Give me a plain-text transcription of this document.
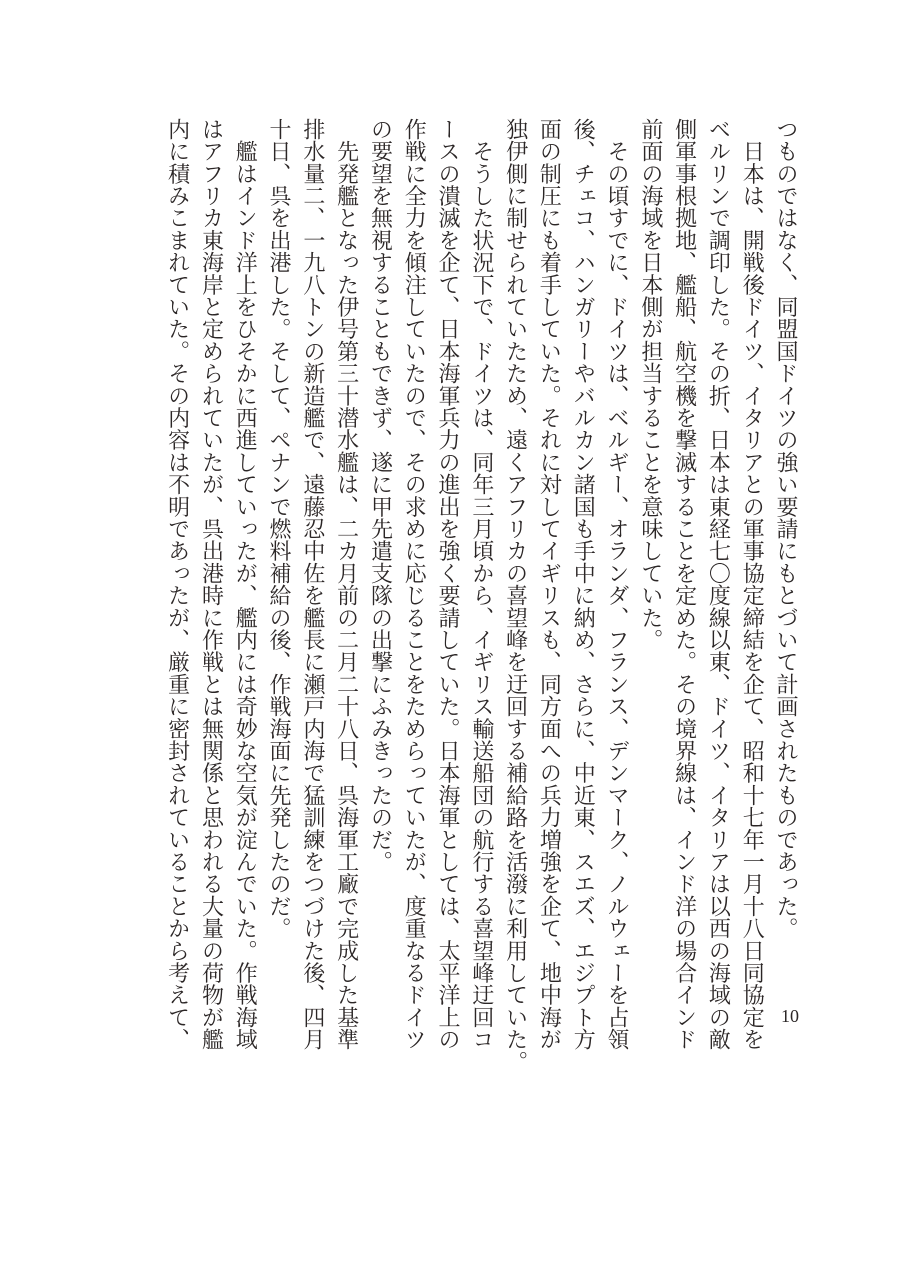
つものではなく、同盟国ドイツの強い要請にもとづいて計画されたものであった。
　日本は、開戦後ドイツ、イタリアとの軍事協定締結を企て、昭和十七年一月十八日同協定を
ベルリンで調印した。その折、日本は東経七〇度線以東、ドイツ、イタリアは以西の海域の敵
側軍事根拠地、艦船、航空機を撃滅することを定めた。その境界線は、インド洋の場合インド
前面の海域を日本側が担当することを意味していた。
　その頃すでに、ドイツは、ベルギー、オランダ、フランス、デンマーク、ノルウェーを占領
後、チェコ、ハンガリーやバルカン諸国も手中に納め、さらに、中近東、スエズ、エジプト方
面の制圧にも着手していた。それに対してイギリスも、同方面への兵力増強を企て、地中海が
独伊側に制せられていたため、遠くアフリカの喜望峰を迂回する補給路を活潑に利用していた。
　そうした状況下で、ドイツは、同年三月頃から、イギリス輸送船団の航行する喜望峰迂回コ
ースの潰滅を企て、日本海軍兵力の進出を強く要請していた。日本海軍としては、太平洋上の
作戦に全力を傾注していたので、その求めに応じることをためらっていたが、度重なるドイツ
の要望を無視することもできず、遂に甲先遣支隊の出撃にふみきったのだ。
　先発艦となった伊号第三十潜水艦は、二カ月前の二月二十八日、呉海軍工廠で完成した基準
排水量二、一九八トンの新造艦で、遠藤忍中佐を艦長に瀬戸内海で猛訓練をつづけた後、四月
十日、呉を出港した。そして、ペナンで燃料補給の後、作戦海面に先発したのだ。
　艦はインド洋上をひそかに西進していったが、艦内には奇妙な空気が淀んでいた。作戦海域
はアフリカ東海岸と定められていたが、呉出港時に作戦とは無関係と思われる大量の荷物が艦
内に積みこまれていた。その内容は不明であったが、厳重に密封されていることから考えて、	10
